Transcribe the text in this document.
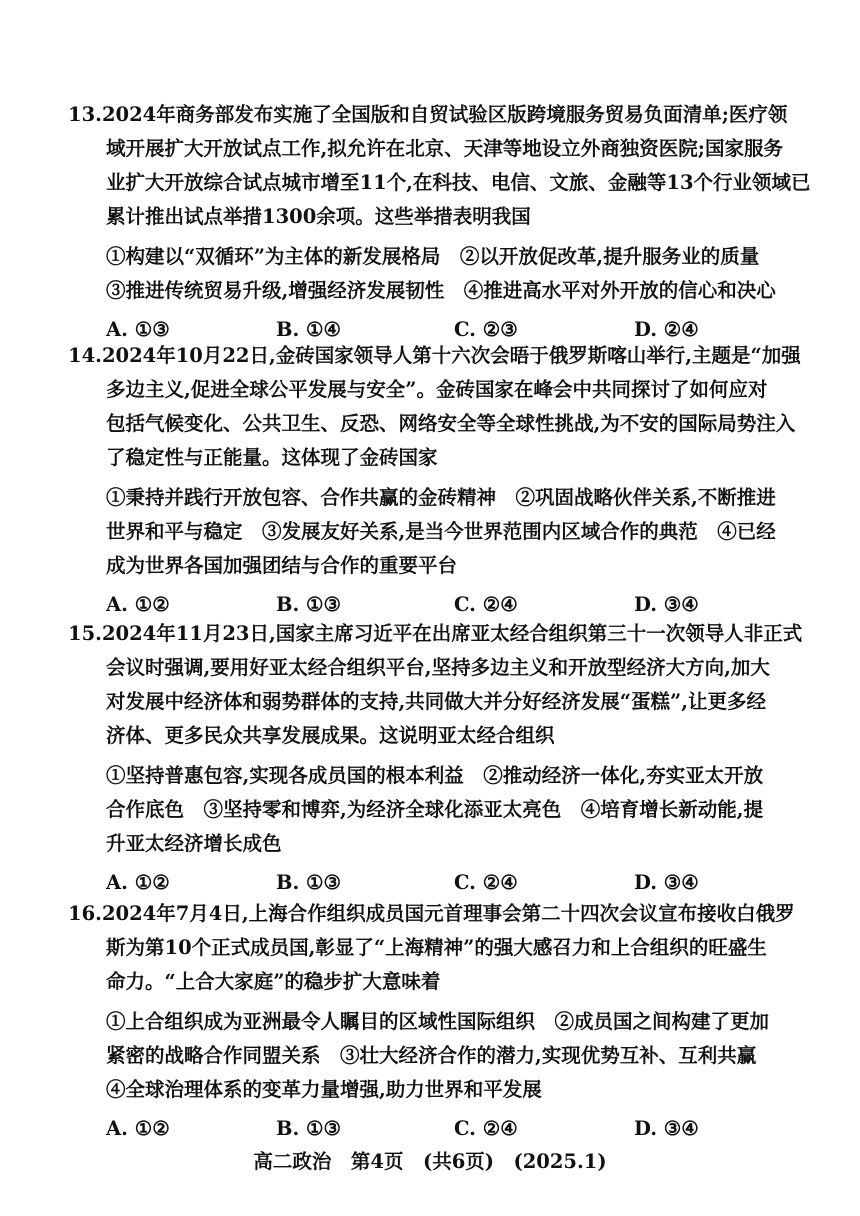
13.2024年商务部发布实施了全国版和自贸试验区版跨境服务贸易负面清单;医疗领
域开展扩大开放试点工作,拟允许在北京、天津等地设立外商独资医院;国家服务
业扩大开放综合试点城市增至11个,在科技、电信、文旅、金融等13个行业领域已
累计推出试点举措1300余项。这些举措表明我国
①构建以“双循环”为主体的新发展格局　②以开放促改革,提升服务业的质量
③推进传统贸易升级,增强经济发展韧性　④推进高水平对外开放的信心和决心
A. ①③	B. ①④	C. ②③	D. ②④
14.2024年10月22日,金砖国家领导人第十六次会晤于俄罗斯喀山举行,主题是“加强
多边主义,促进全球公平发展与安全”。金砖国家在峰会中共同探讨了如何应对
包括气候变化、公共卫生、反恐、网络安全等全球性挑战,为不安的国际局势注入
了稳定性与正能量。这体现了金砖国家
①秉持并践行开放包容、合作共赢的金砖精神　②巩固战略伙伴关系,不断推进
世界和平与稳定　③发展友好关系,是当今世界范围内区域合作的典范　④已经
成为世界各国加强团结与合作的重要平台
A. ①②	B. ①③	C. ②④	D. ③④
15.2024年11月23日,国家主席习近平在出席亚太经合组织第三十一次领导人非正式
会议时强调,要用好亚太经合组织平台,坚持多边主义和开放型经济大方向,加大
对发展中经济体和弱势群体的支持,共同做大并分好经济发展“蛋糕”,让更多经
济体、更多民众共享发展成果。这说明亚太经合组织
①坚持普惠包容,实现各成员国的根本利益　②推动经济一体化,夯实亚太开放
合作底色　③坚持零和博弈,为经济全球化添亚太亮色　④培育增长新动能,提
升亚太经济增长成色
A. ①②	B. ①③	C. ②④	D. ③④
16.2024年7月4日,上海合作组织成员国元首理事会第二十四次会议宣布接收白俄罗
斯为第10个正式成员国,彰显了“上海精神”的强大感召力和上合组织的旺盛生
命力。“上合大家庭”的稳步扩大意味着
①上合组织成为亚洲最令人瞩目的区域性国际组织　②成员国之间构建了更加
紧密的战略合作同盟关系　③壮大经济合作的潜力,实现优势互补、互利共赢
④全球治理体系的变革力量增强,助力世界和平发展
A. ①②	B. ①③	C. ②④	D. ③④
高二政治　第4页　(共6页)　(2025.1)
